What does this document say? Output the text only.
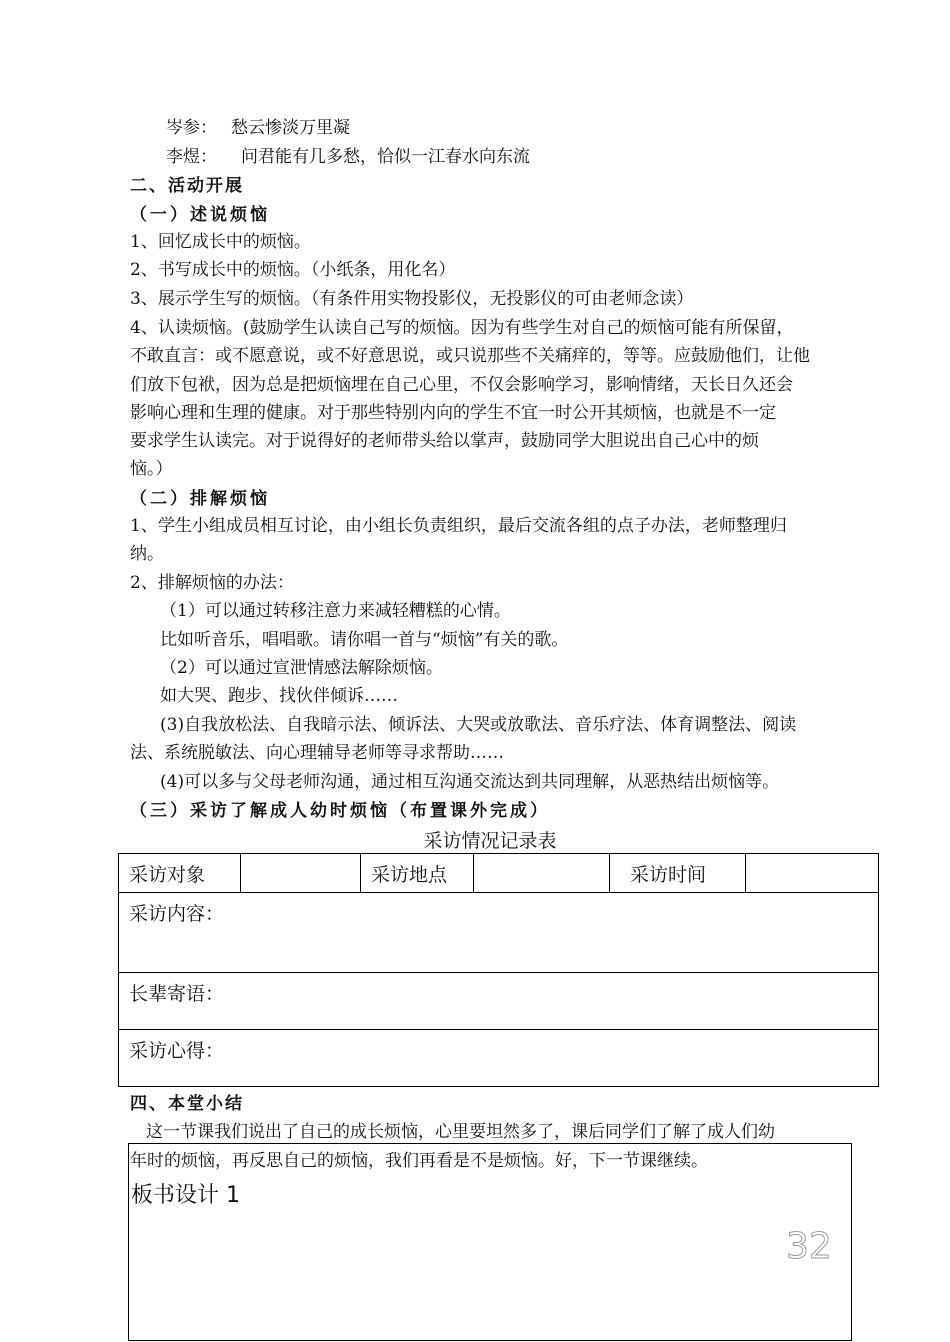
岑参： 愁云惨淡万里凝
李煜： 问君能有几多愁，恰似一江春水向东流
二、活动开展
（一）述说烦恼
1、回忆成长中的烦恼。
2、书写成长中的烦恼。（小纸条，用化名）
3、展示学生写的烦恼。（有条件用实物投影仪，无投影仪的可由老师念读）
4、认读烦恼。(鼓励学生认读自己写的烦恼。因为有些学生对自己的烦恼可能有所保留，
不敢直言：或不愿意说，或不好意思说，或只说那些不关痛痒的，等等。应鼓励他们，让他
们放下包袱，因为总是把烦恼埋在自己心里，不仅会影响学习，影响情绪，天长日久还会
影响心理和生理的健康。对于那些特别内向的学生不宜一时公开其烦恼，也就是不一定
要求学生认读完。对于说得好的老师带头给以掌声，鼓励同学大胆说出自己心中的烦
恼。）
（二）排解烦恼
1、学生小组成员相互讨论，由小组长负责组织，最后交流各组的点子办法，老师整理归
纳。
2、排解烦恼的办法：
（1）可以通过转移注意力来减轻糟糕的心情。
比如听音乐，唱唱歌。请你唱一首与“烦恼”有关的歌。
（2）可以通过宣泄情感法解除烦恼。
如大哭、跑步、找伙伴倾诉……
(3)自我放松法、自我暗示法、倾诉法、大哭或放歌法、音乐疗法、体育调整法、阅读
法、系统脱敏法、向心理辅导老师等寻求帮助……
(4)可以多与父母老师沟通，通过相互沟通交流达到共同理解，从恶热结出烦恼等。
（三）采访了解成人幼时烦恼（布置课外完成）
采访情况记录表
采访对象		采访地点		采访时间	
采访内容：
长辈寄语：
采访心得：
四、本堂小结
这一节课我们说出了自己的成长烦恼，心里要坦然多了，课后同学们了解了成人们幼
年时的烦恼，再反思自己的烦恼，我们再看是不是烦恼。好，下一节课继续。
板书设计 1
32
